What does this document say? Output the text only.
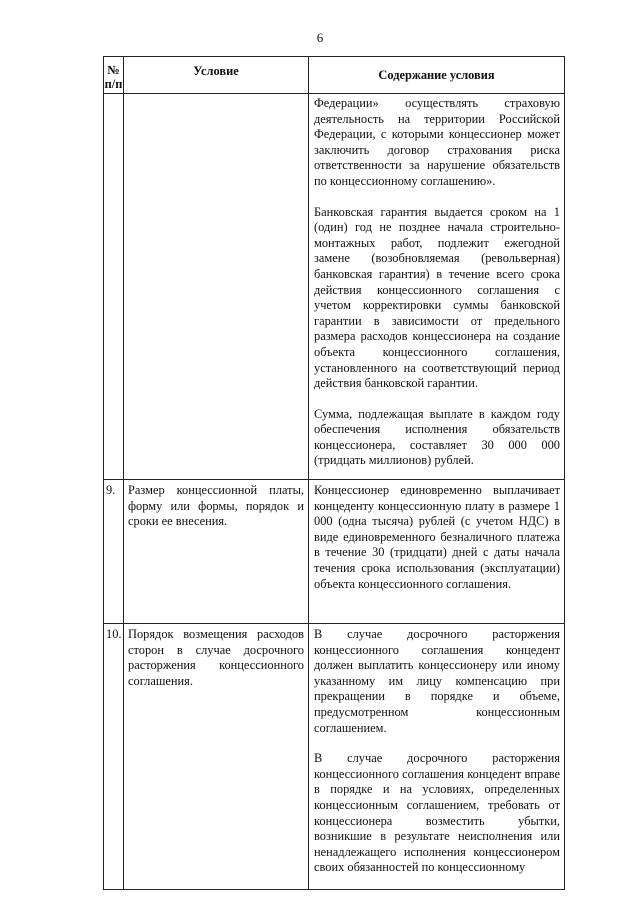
6
№ п/п	Условие	Содержание условия

		Федерации» осуществлять страховую деятельность на территории Российской Федерации, с которыми концессионер может заключить договор страхования риска ответственности за нарушение обязательств по концессионному соглашению».

Банковская гарантия выдается сроком на 1 (один) год не позднее начала строительно-монтажных работ, подлежит ежегодной замене (возобновляемая (револьверная) банковская гарантия) в течение всего срока действия концессионного соглашения с учетом корректировки суммы банковской гарантии в зависимости от предельного размера расходов концессионера на создание объекта концессионного соглашения, установленного на соответствующий период действия банковской гарантии.

Сумма, подлежащая выплате в каждом году обеспечения исполнения обязательств концессионера, составляет 30 000 000 (тридцать миллионов) рублей.

9.	Размер концессионной платы, форму или формы, порядок и сроки ее внесения.	Концессионер единовременно выплачивает концеденту концессионную плату в размере 1 000 (одна тысяча) рублей (с учетом НДС) в виде единовременного безналичного платежа в течение 30 (тридцати) дней с даты начала течения срока использования (эксплуатации) объекта концессионного соглашения.

10.	Порядок возмещения расходов сторон в случае досрочного расторжения концессионного соглашения.	В случае досрочного расторжения концессионного соглашения концедент должен выплатить концессионеру или иному указанному им лицу компенсацию при прекращении в порядке и объеме, предусмотренном концессионным соглашением.

В случае досрочного расторжения концессионного соглашения концедент вправе в порядке и на условиях, определенных концессионным соглашением, требовать от концессионера возместить убытки, возникшие в результате неисполнения или ненадлежащего исполнения концессионером своих обязанностей по концессионному
